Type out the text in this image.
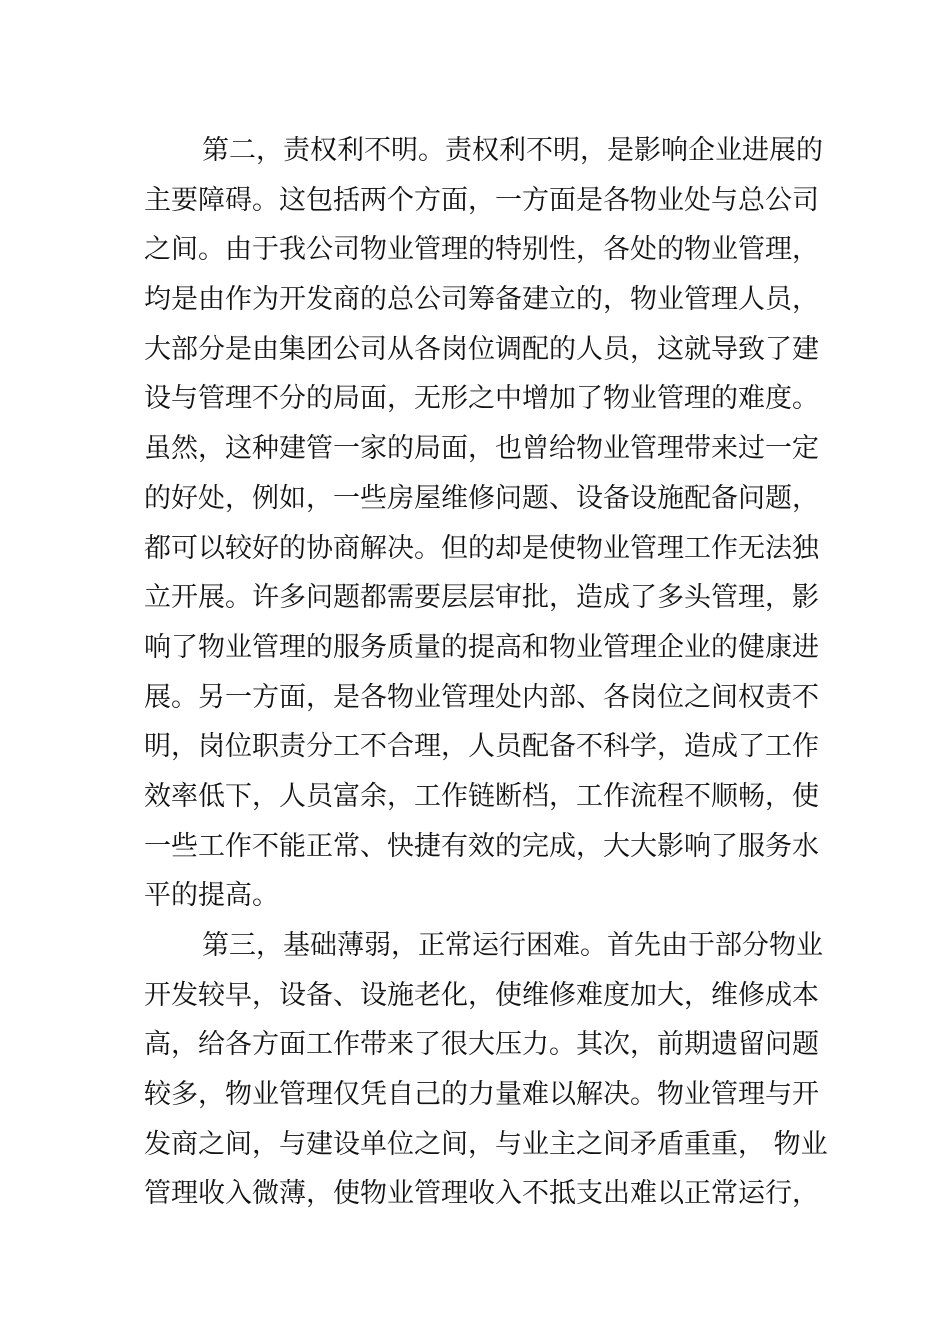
第二，责权利不明。责权利不明，是影响企业进展的
主要障碍。这包括两个方面，一方面是各物业处与总公司
之间。由于我公司物业管理的特别性，各处的物业管理，
均是由作为开发商的总公司筹备建立的，物业管理人员，
大部分是由集团公司从各岗位调配的人员，这就导致了建
设与管理不分的局面，无形之中增加了物业管理的难度。
虽然，这种建管一家的局面，也曾给物业管理带来过一定
的好处，例如，一些房屋维修问题、设备设施配备问题，
都可以较好的协商解决。但的却是使物业管理工作无法独
立开展。许多问题都需要层层审批，造成了多头管理，影
响了物业管理的服务质量的提高和物业管理企业的健康进
展。另一方面，是各物业管理处内部、各岗位之间权责不
明，岗位职责分工不合理，人员配备不科学，造成了工作
效率低下，人员富余，工作链断档，工作流程不顺畅，使
一些工作不能正常、快捷有效的完成，大大影响了服务水
平的提高。
第三，基础薄弱，正常运行困难。首先由于部分物业
开发较早，设备、设施老化，使维修难度加大，维修成本
高，给各方面工作带来了很大压力。其次，前期遗留问题
较多，物业管理仅凭自己的力量难以解决。物业管理与开
发商之间，与建设单位之间，与业主之间矛盾重重， 物业
管理收入微薄，使物业管理收入不抵支出难以正常运行，
